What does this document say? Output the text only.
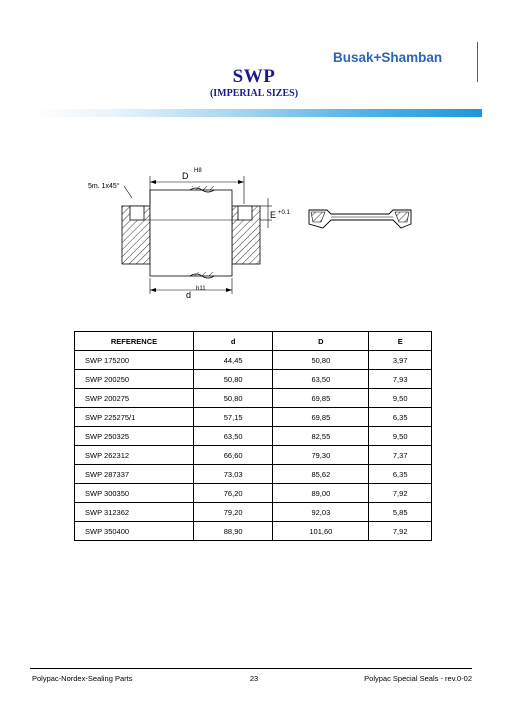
SWP
(IMPERIAL SIZES)
Busak+Shamban
D H8
5m. 1x45°
E +0.1
d
h11
REFERENCE	d	D	E
SWP 175200	44,45	50,80	3,97
SWP 200250	50,80	63,50	7,93
SWP 200275	50,80	69,85	9,50
SWP 225275/1	57,15	69,85	6,35
SWP 250325	63,50	82,55	9,50
SWP 262312	66,60	79,30	7,37
SWP 287337	73,03	85,62	6,35
SWP 300350	76,20	89,00	7,92
SWP 312362	79,20	92,03	5,85
SWP 350400	88,90	101,60	7,92
Polypac-Nordex-Sealing Parts	23	Polypac Special Seals - rev.0-02
